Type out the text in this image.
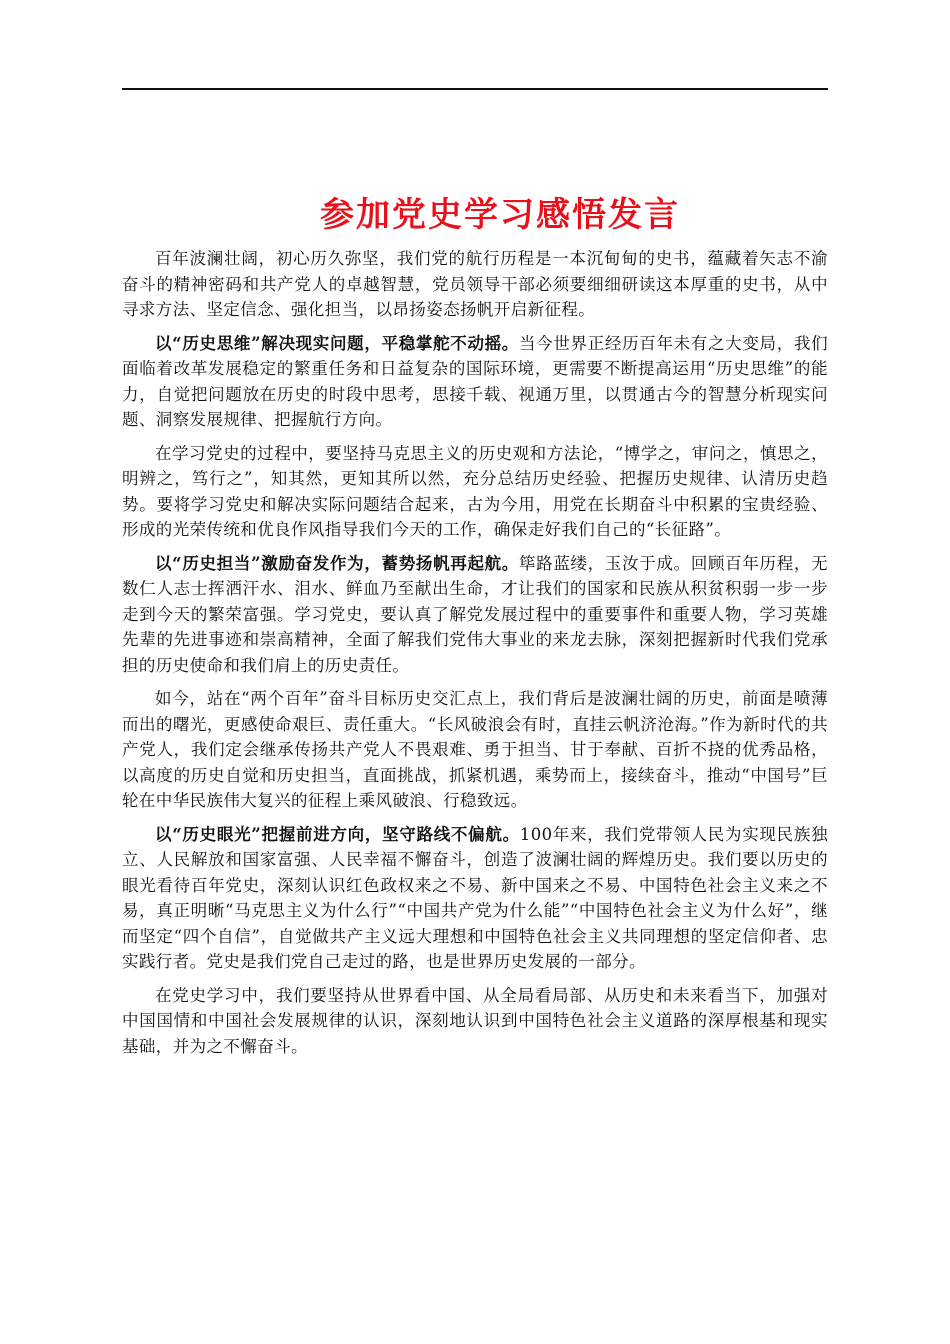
参加党史学习感悟发言

百年波澜壮阔，初心历久弥坚，我们党的航行历程是一本沉甸甸的史书，蕴藏着矢志不渝奋斗的精神密码和共产党人的卓越智慧，党员领导干部必须要细细研读这本厚重的史书，从中寻求方法、坚定信念、强化担当，以昂扬姿态扬帆开启新征程。

以“历史思维”解决现实问题，平稳掌舵不动摇。当今世界正经历百年未有之大变局，我们面临着改革发展稳定的繁重任务和日益复杂的国际环境，更需要不断提高运用“历史思维”的能力，自觉把问题放在历史的时段中思考，思接千载、视通万里，以贯通古今的智慧分析现实问题、洞察发展规律、把握航行方向。

在学习党史的过程中，要坚持马克思主义的历史观和方法论，“博学之，审问之，慎思之，明辨之，笃行之”，知其然，更知其所以然，充分总结历史经验、把握历史规律、认清历史趋势。要将学习党史和解决实际问题结合起来，古为今用，用党在长期奋斗中积累的宝贵经验、形成的光荣传统和优良作风指导我们今天的工作，确保走好我们自己的“长征路”。

以“历史担当”激励奋发作为，蓄势扬帆再起航。筚路蓝缕，玉汝于成。回顾百年历程，无数仁人志士挥洒汗水、泪水、鲜血乃至献出生命，才让我们的国家和民族从积贫积弱一步一步走到今天的繁荣富强。学习党史，要认真了解党发展过程中的重要事件和重要人物，学习英雄先辈的先进事迹和崇高精神，全面了解我们党伟大事业的来龙去脉，深刻把握新时代我们党承担的历史使命和我们肩上的历史责任。

如今，站在“两个百年”奋斗目标历史交汇点上，我们背后是波澜壮阔的历史，前面是喷薄而出的曙光，更感使命艰巨、责任重大。“长风破浪会有时，直挂云帆济沧海。”作为新时代的共产党人，我们定会继承传扬共产党人不畏艰难、勇于担当、甘于奉献、百折不挠的优秀品格，以高度的历史自觉和历史担当，直面挑战，抓紧机遇，乘势而上，接续奋斗，推动“中国号”巨轮在中华民族伟大复兴的征程上乘风破浪、行稳致远。

以“历史眼光”把握前进方向，坚守路线不偏航。100年来，我们党带领人民为实现民族独立、人民解放和国家富强、人民幸福不懈奋斗，创造了波澜壮阔的辉煌历史。我们要以历史的眼光看待百年党史，深刻认识红色政权来之不易、新中国来之不易、中国特色社会主义来之不易，真正明晰“马克思主义为什么行”“中国共产党为什么能”“中国特色社会主义为什么好”，继而坚定“四个自信”，自觉做共产主义远大理想和中国特色社会主义共同理想的坚定信仰者、忠实践行者。党史是我们党自己走过的路，也是世界历史发展的一部分。

在党史学习中，我们要坚持从世界看中国、从全局看局部、从历史和未来看当下，加强对中国国情和中国社会发展规律的认识，深刻地认识到中国特色社会主义道路的深厚根基和现实基础，并为之不懈奋斗。
